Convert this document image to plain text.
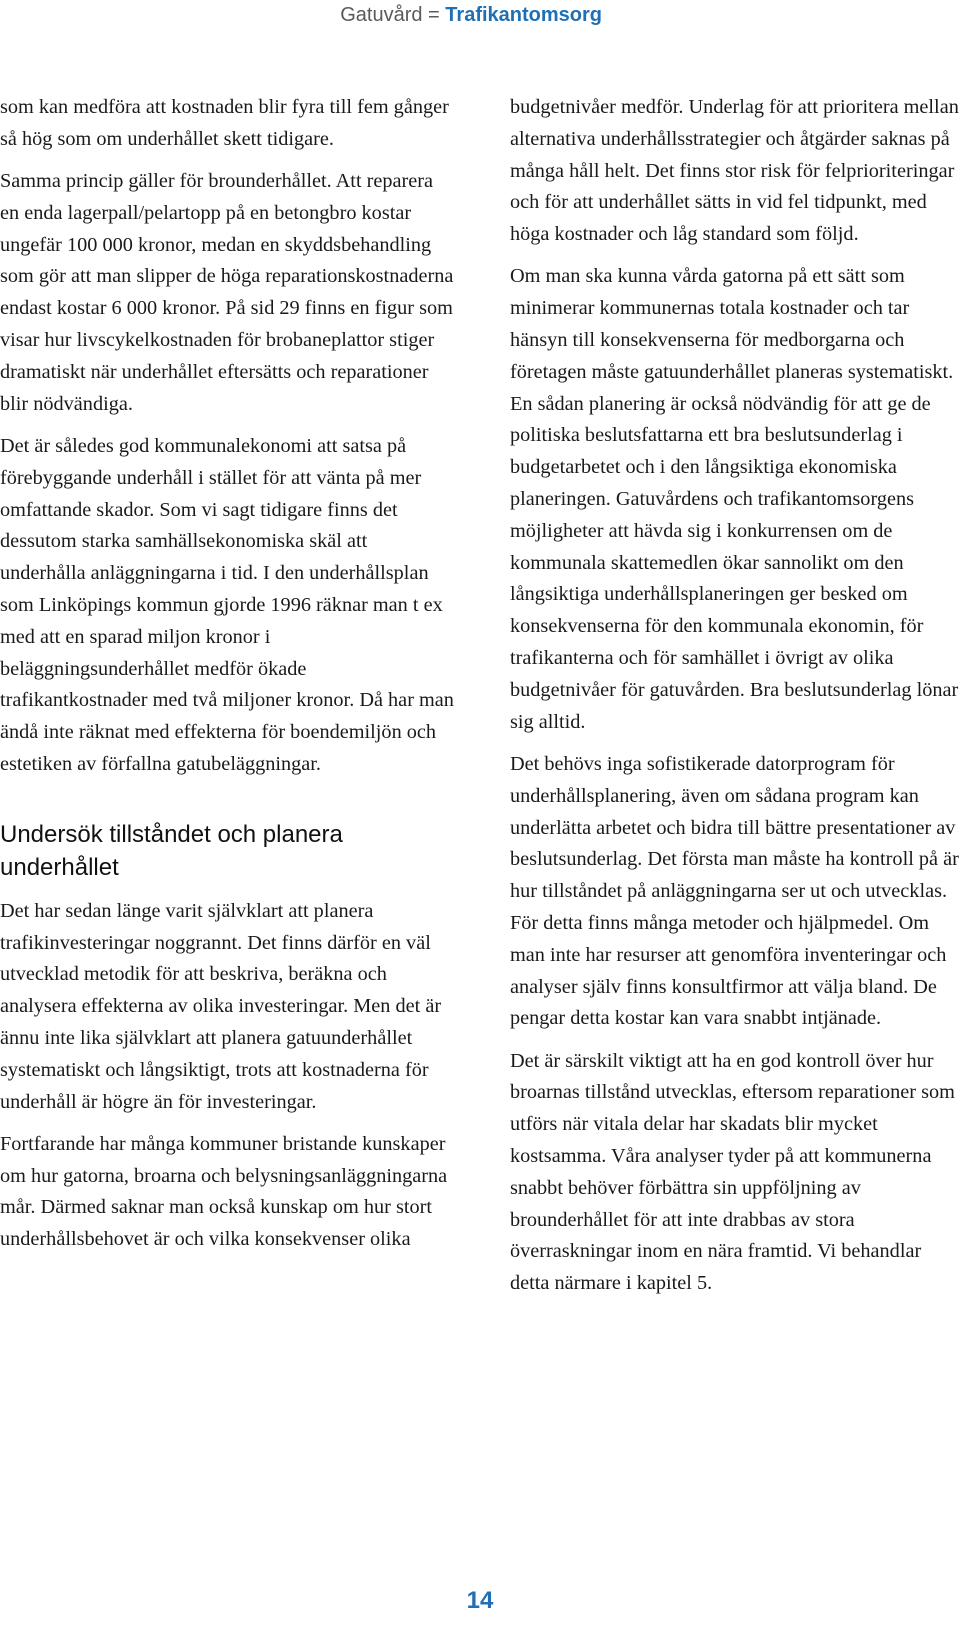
Gatuvård = Trafikantomsorg

som kan medföra att kostnaden blir fyra till fem gånger så hög som om underhållet skett tidigare.

Samma princip gäller för brounderhållet. Att reparera en enda lagerpall/pelartopp på en betongbro kostar ungefär 100 000 kronor, medan en skyddsbehandling som gör att man slipper de höga reparationskostnaderna endast kostar 6 000 kronor. På sid 29 finns en figur som visar hur livscykelkostnaden för brobaneplattor stiger dramatiskt när underhållet eftersätts och reparationer blir nödvändiga.

Det är således god kommunalekonomi att satsa på förebyggande underhåll i stället för att vänta på mer omfattande skador. Som vi sagt tidigare finns det dessutom starka samhällsekonomiska skäl att underhålla anläggningarna i tid. I den underhållsplan som Linköpings kommun gjorde 1996 räknar man t ex med att en sparad miljon kronor i beläggningsunderhållet medför ökade trafikantkostnader med två miljoner kronor. Då har man ändå inte räknat med effekterna för boendemiljön och estetiken av förfallna gatubeläggningar.

Undersök tillståndet och planera underhållet

Det har sedan länge varit självklart att planera trafikinvesteringar noggrannt. Det finns därför en väl utvecklad metodik för att beskriva, beräkna och analysera effekterna av olika investeringar. Men det är ännu inte lika självklart att planera gatuunderhållet systematiskt och långsiktigt, trots att kostnaderna för underhåll är högre än för investeringar.

Fortfarande har många kommuner bristande kunskaper om hur gatorna, broarna och belysningsanläggningarna mår. Därmed saknar man också kunskap om hur stort underhållsbehovet är och vilka konsekvenser olika

budgetnivåer medför. Underlag för att prioritera mellan alternativa underhållsstrategier och åtgärder saknas på många håll helt. Det finns stor risk för felprioriteringar och för att underhållet sätts in vid fel tidpunkt, med höga kostnader och låg standard som följd.

Om man ska kunna vårda gatorna på ett sätt som minimerar kommunernas totala kostnader och tar hänsyn till konsekvenserna för medborgarna och företagen måste gatuunderhållet planeras systematiskt. En sådan planering är också nödvändig för att ge de politiska beslutsfattarna ett bra beslutsunderlag i budgetarbetet och i den långsiktiga ekonomiska planeringen. Gatuvårdens och trafikantomsorgens möjligheter att hävda sig i konkurrensen om de kommunala skattemedlen ökar sannolikt om den långsiktiga underhållsplaneringen ger besked om konsekvenserna för den kommunala ekonomin, för trafikanterna och för samhället i övrigt av olika budgetnivåer för gatuvården. Bra beslutsunderlag lönar sig alltid.

Det behövs inga sofistikerade datorprogram för underhållsplanering, även om sådana program kan underlätta arbetet och bidra till bättre presentationer av beslutsunderlag. Det första man måste ha kontroll på är hur tillståndet på anläggningarna ser ut och utvecklas. För detta finns många metoder och hjälpmedel. Om man inte har resurser att genomföra inventeringar och analyser själv finns konsultfirmor att välja bland. De pengar detta kostar kan vara snabbt intjänade.

Det är särskilt viktigt att ha en god kontroll över hur broarnas tillstånd utvecklas, eftersom reparationer som utförs när vitala delar har skadats blir mycket kostsamma. Våra analyser tyder på att kommunerna snabbt behöver förbättra sin uppföljning av brounderhållet för att inte drabbas av stora överraskningar inom en nära framtid. Vi behandlar detta närmare i kapitel 5.

14
